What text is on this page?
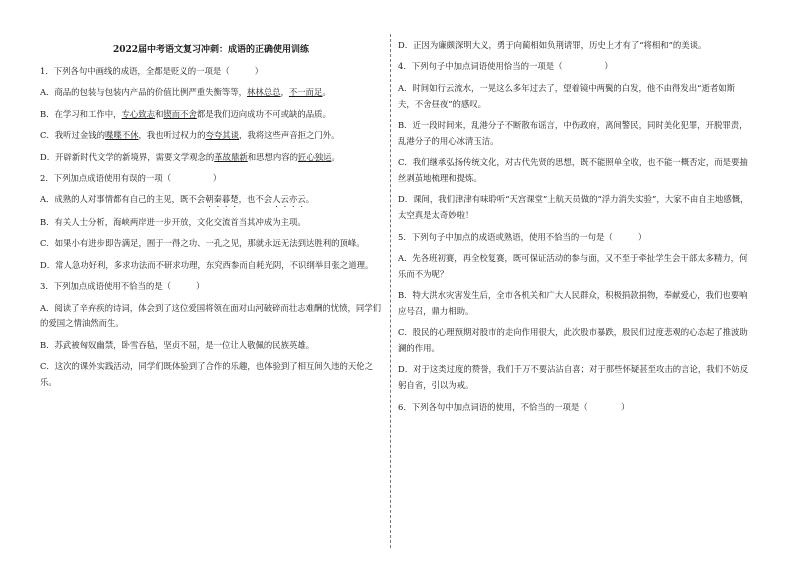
2022届中考语文复习冲刺：成语的正确使用训练
1．下列各句中画线的成语，全都是贬义的一项是（　　　）
A．商品的包装与包装内产品的价值比例严重失衡等等，林林总总，不一而足。
B．在学习和工作中，专心致志和锲而不舍都是我们迈向成功不可或缺的品质。
C．我听过金钱的喋喋不休，我也听过权力的夸夸其谈，我将这些声音拒之门外。
D．开辟新时代文学的新境界，需要文学观念的革故鼎新和思想内容的匠心独运。
2．下列加点成语使用有误的一项（　　　　　）
A．成熟的人对事情都有自己的主见，既不会朝秦暮楚，也不会人云亦云。
B．有关人士分析，海峡两岸进一步开放，文化交流首当其冲成为主项。
C．如果小有进步即告满足，囿于一得之功、一孔之见，那就永远无法到达胜利的顶峰。
D．常人急功好利，多求功法而不研求功理，东究西参而自耗光阴，不识纲举目张之道理。
3．下列加点成语使用不恰当的是（　　　）
A．阅读了辛弃疾的诗词，体会到了这位爱国将领在面对山河破碎而壮志难酬的忧愤，同学们的爱国之情油然而生。
B．苏武被匈奴幽禁，卧雪吞毡，坚贞不屈，是一位让人敬佩的民族英雄。
C．这次的课外实践活动，同学们既体验到了合作的乐趣，也体验到了相互间久违的天伦之乐。
D．正因为廉颇深明大义，勇于向蔺相如负荆请罪，历史上才有了“将相和”的美谈。
4．下列句子中加点词语使用恰当的一项是（　　　　　）
A．时间如行云流水，一晃这么多年过去了，望着镜中两鬓的白发，他不由得发出“逝者如斯夫，不舍昼夜”的感叹。
B．近一段时间来，乱港分子不断散布谣言，中伤政府，离间警民，同时美化犯罪，开脱罪责，乱港分子的用心冰清玉洁。
C．我们继承弘扬传统文化，对古代先贤的思想，既不能照单全收，也不能一概否定，而是要抽丝剥茧地梳理和提炼。
D．课间，我们津津有味聆听“天宫课堂”上航天员做的“浮力消失实验”，大家不由自主地感慨，太空真是太奇妙啦！
5．下列句子中加点的成语或熟语，使用不恰当的一句是（　　　）
A．先各班初赛，再全校复赛，既可保证活动的参与面，又不至于牵扯学生会干部太多精力，何乐而不为呢？
B．特大洪水灾害发生后，全市各机关和广大人民群众，积极捐款捐物，奉献爱心，我们也要响应号召，鼎力相助。
C．股民的心理预期对股市的走向作用很大，此次股市暴跌，股民们过度悲观的心态起了推波助澜的作用。
D．对于这类过度的赞誉，我们千万不要沾沾自喜；对于那些怀疑甚至攻击的言论，我们不妨反躬自省，引以为戒。
6．下列各句中加点词语的使用，不恰当的一项是（　　　　）
